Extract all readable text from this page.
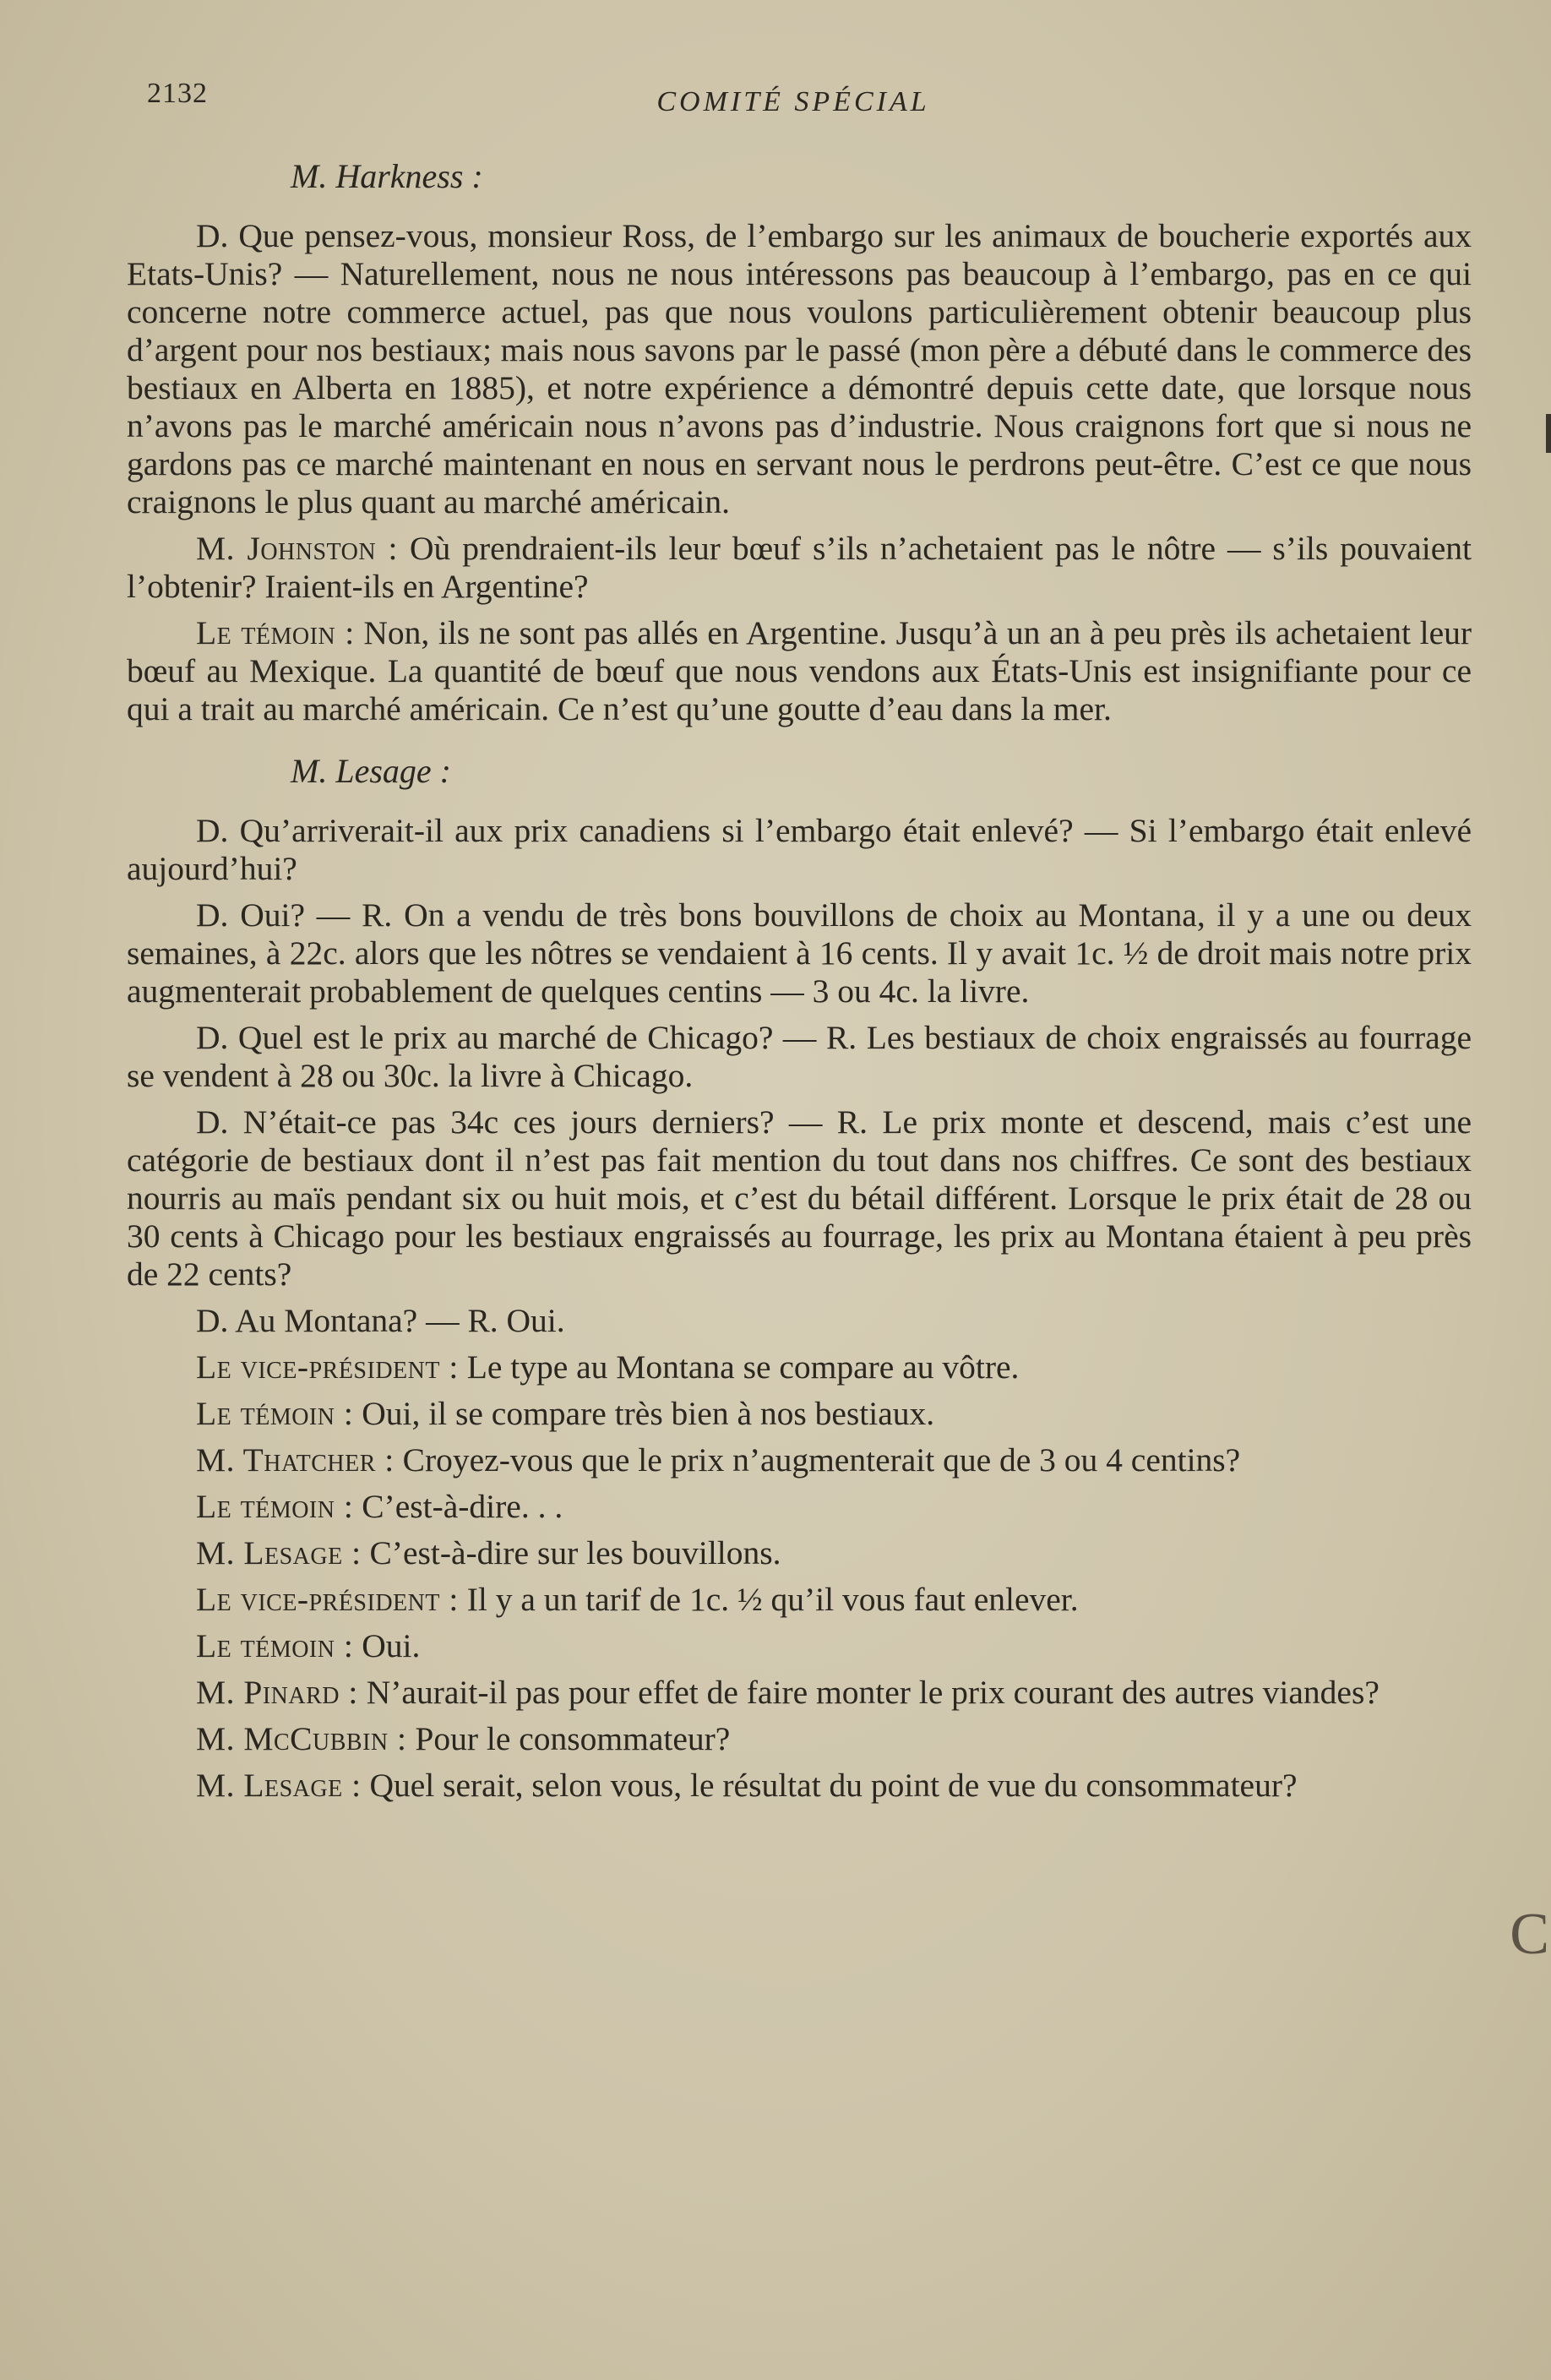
2132	COMITÉ SPÉCIAL
M. Harkness :

D. Que pensez-vous, monsieur Ross, de l’embargo sur les animaux de boucherie exportés aux Etats-Unis? — Naturellement, nous ne nous intéressons pas beaucoup à l’embargo, pas en ce qui concerne notre commerce actuel, pas que nous voulons particulièrement obtenir beaucoup plus d’argent pour nos bestiaux; mais nous savons par le passé (mon père a débuté dans le commerce des bestiaux en Alberta en 1885), et notre expérience a démontré depuis cette date, que lorsque nous n’avons pas le marché américain nous n’avons pas d’industrie. Nous craignons fort que si nous ne gardons pas ce marché maintenant en nous en servant nous le perdrons peut-être. C’est ce que nous craignons le plus quant au marché américain.

M. Johnston : Où prendraient-ils leur bœuf s’ils n’achetaient pas le nôtre — s’ils pouvaient l’obtenir? Iraient-ils en Argentine?

Le témoin : Non, ils ne sont pas allés en Argentine. Jusqu’à un an à peu près ils achetaient leur bœuf au Mexique. La quantité de bœuf que nous vendons aux États-Unis est insignifiante pour ce qui a trait au marché américain. Ce n’est qu’une goutte d’eau dans la mer.

M. Lesage :

D. Qu’arriverait-il aux prix canadiens si l’embargo était enlevé? — Si l’embargo était enlevé aujourd’hui?

D. Oui? — R. On a vendu de très bons bouvillons de choix au Montana, il y a une ou deux semaines, à 22c. alors que les nôtres se vendaient à 16 cents. Il y avait 1c. ½ de droit mais notre prix augmenterait probablement de quelques centins — 3 ou 4c. la livre.

D. Quel est le prix au marché de Chicago? — R. Les bestiaux de choix engraissés au fourrage se vendent à 28 ou 30c. la livre à Chicago.

D. N’était-ce pas 34c ces jours derniers? — R. Le prix monte et descend, mais c’est une catégorie de bestiaux dont il n’est pas fait mention du tout dans nos chiffres. Ce sont des bestiaux nourris au maïs pendant six ou huit mois, et c’est du bétail différent. Lorsque le prix était de 28 ou 30 cents à Chicago pour les bestiaux engraissés au fourrage, les prix au Montana étaient à peu près de 22 cents?

D. Au Montana? — R. Oui.

Le vice-président : Le type au Montana se compare au vôtre.

Le témoin : Oui, il se compare très bien à nos bestiaux.

M. Thatcher : Croyez-vous que le prix n’augmenterait que de 3 ou 4 centins?

Le témoin : C’est-à-dire. . .

M. Lesage : C’est-à-dire sur les bouvillons.

Le vice-président : Il y a un tarif de 1c. ½ qu’il vous faut enlever.

Le témoin : Oui.

M. Pinard : N’aurait-il pas pour effet de faire monter le prix courant des autres viandes?

M. McCubbin : Pour le consommateur?

M. Lesage : Quel serait, selon vous, le résultat du point de vue du consommateur?

C
